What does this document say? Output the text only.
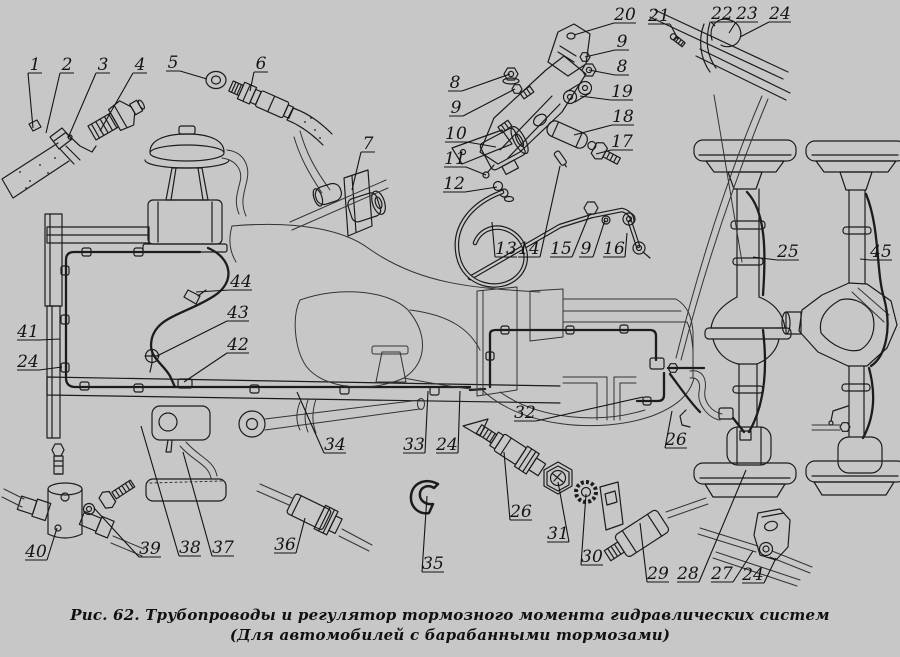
1 2 3 4 5	6
7
8
9
10
11
12
13 14 15 9 16
17
18
19
8
9
20 21 22 23 24
25	45
44
43
42
41
24
34	33 24
32
26
40	39 38 37 36
35
26
31
30
29 28 27 24
Рис. 62. Трубопроводы и регулятор тормозного момента гидравлических систем
(Для автомобилей с барабанными тормозами)
